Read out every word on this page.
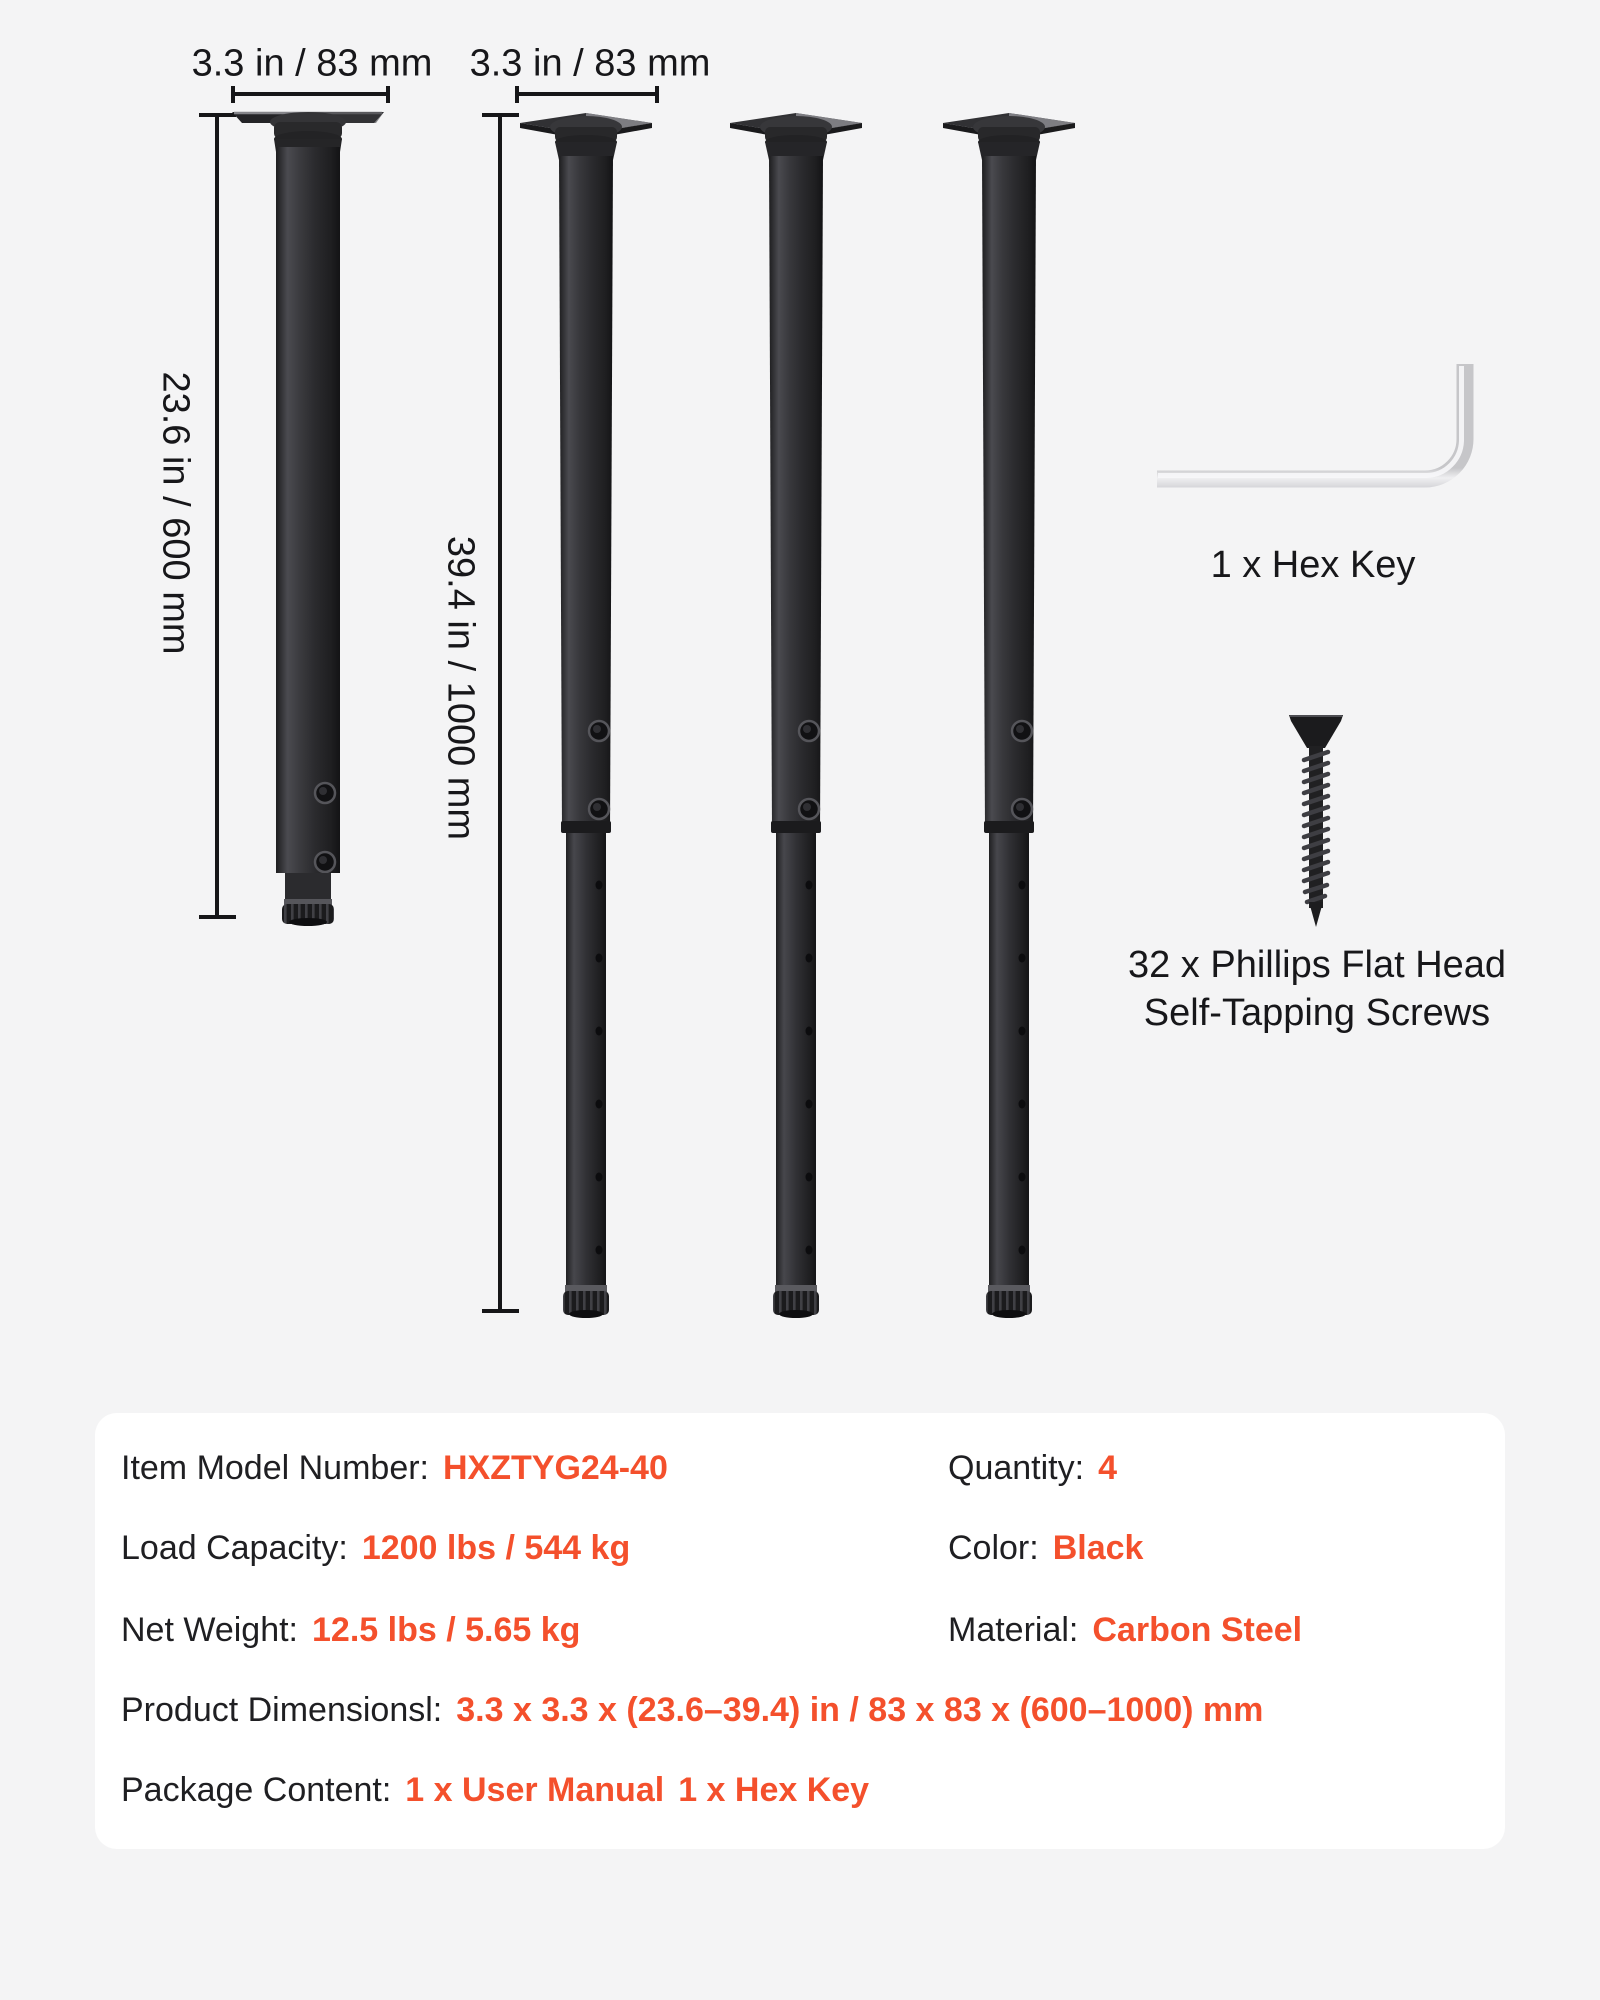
3.3 in / 83 mm 3.3 in / 83 mm
23.6 in / 600 mm
39.4 in / 1000 mm	1 x Hex Key
32 x Phillips Flat Head
Self-Tapping Screws
Item Model Number: HXZTYG24-40
Load Capacity: 1200 lbs / 544 kg
Net Weight: 12.5 lbs / 5.65 kg
Product Dimensionsl: 3.3 x 3.3 x (23.6–39.4) in / 83 x 83 x (600–1000) mm
Package Content: 1 x User Manual 1 x Hex Key
Quantity: 4
Color: Black
Material: Carbon Steel
